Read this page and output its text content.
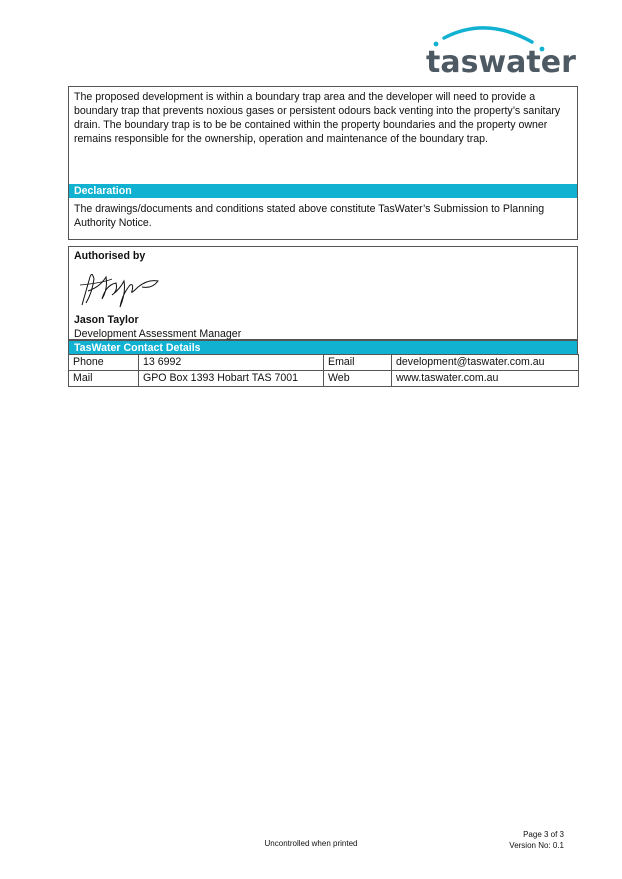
taswater
The proposed development is within a boundary trap area and the developer will need to provide a boundary trap that prevents noxious gases or persistent odours back venting into the property’s sanitary drain. The boundary trap is to be be contained within the property boundaries and the property owner remains responsible for the ownership, operation and maintenance of the boundary trap.
Declaration
The drawings/documents and conditions stated above constitute TasWater’s Submission to Planning Authority Notice.
Authorised by
Jason Taylor
Development Assessment Manager
TasWater Contact Details
Phone	13 6992	Email	development@taswater.com.au
Mail	GPO Box 1393 Hobart TAS 7001	Web	www.taswater.com.au
Uncontrolled when printed
Page 3 of 3
Version No: 0.1
